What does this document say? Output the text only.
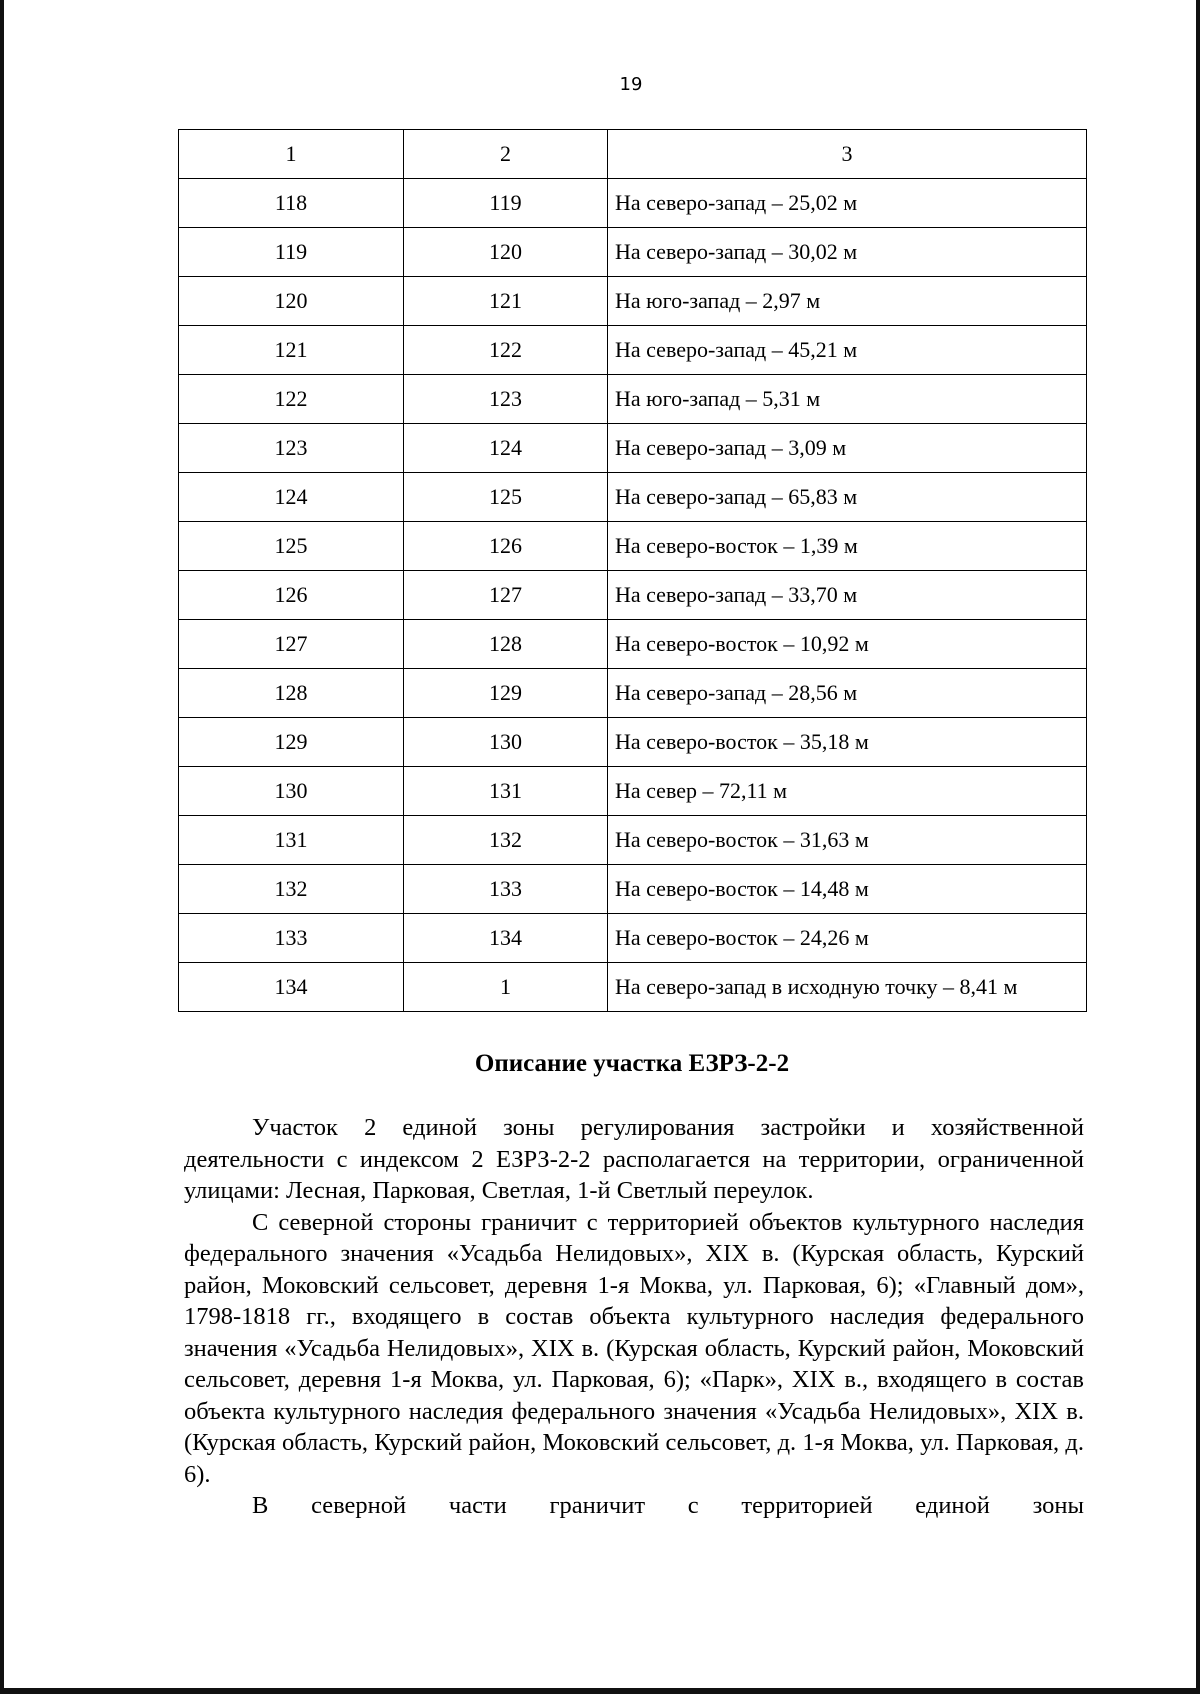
19
1	2	3
118	119	На северо-запад – 25,02 м
119	120	На северо-запад – 30,02 м
120	121	На юго-запад – 2,97 м
121	122	На северо-запад – 45,21 м
122	123	На юго-запад – 5,31 м
123	124	На северо-запад – 3,09 м
124	125	На северо-запад – 65,83 м
125	126	На северо-восток – 1,39 м
126	127	На северо-запад – 33,70 м
127	128	На северо-восток – 10,92 м
128	129	На северо-запад – 28,56 м
129	130	На северо-восток – 35,18 м
130	131	На север – 72,11 м
131	132	На северо-восток – 31,63 м
132	133	На северо-восток – 14,48 м
133	134	На северо-восток – 24,26 м
134	1	На северо-запад в исходную точку – 8,41 м
Описание участка ЕЗРЗ-2-2

Участок 2 единой зоны регулирования застройки и хозяйственной деятельности с индексом 2 ЕЗРЗ-2-2 располагается на территории, ограниченной улицами: Лесная, Парковая, Светлая, 1-й Светлый переулок.

С северной стороны граничит с территорией объектов культурного наследия федерального значения «Усадьба Нелидовых», XIX в. (Курская область, Курский район, Моковский сельсовет, деревня 1-я Моква, ул. Парковая, 6); «Главный дом», 1798-1818 гг., входящего в состав объекта культурного наследия федерального значения «Усадьба Нелидовых», XIX в. (Курская область, Курский район, Моковский сельсовет, деревня 1-я Моква, ул. Парковая, 6); «Парк», XIX в., входящего в состав объекта культурного наследия федерального значения «Усадьба Нелидовых», XIX в. (Курская область, Курский район, Моковский сельсовет, д. 1-я Моква, ул. Парковая, д. 6).

В северной части граничит с территорией единой зоны
